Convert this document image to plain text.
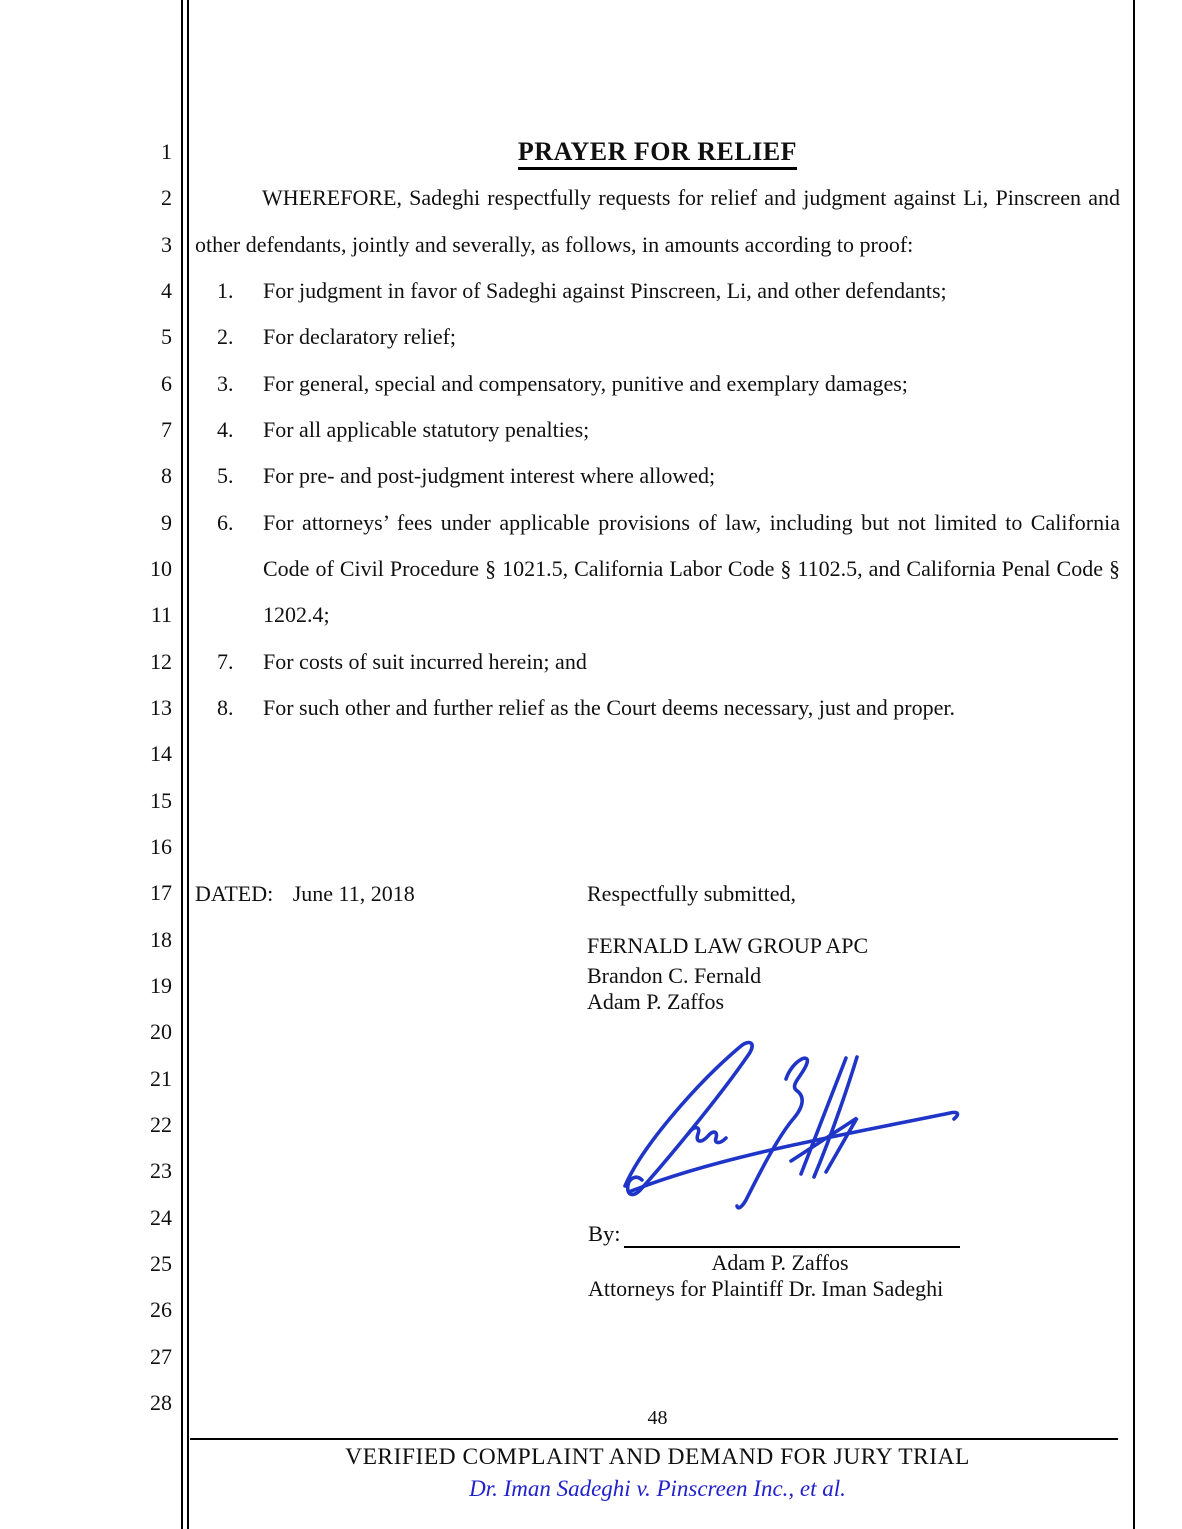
1
2
3
4
5
6
7
8
9
10
11
12
13
14
15
16
17
18
19
20
21
22
23
24
25
26
27
28
PRAYER FOR RELIEF

WHEREFORE, Sadeghi respectfully requests for relief and judgment against Li, Pinscreen and other defendants, jointly and severally, as follows, in amounts according to proof:

1. For judgment in favor of Sadeghi against Pinscreen, Li, and other defendants;
2. For declaratory relief;
3. For general, special and compensatory, punitive and exemplary damages;
4. For all applicable statutory penalties;
5. For pre- and post-judgment interest where allowed;
6. For attorneys’ fees under applicable provisions of law, including but not limited to California Code of Civil Procedure § 1021.5, California Labor Code § 1102.5, and California Penal Code § 1202.4;
7. For costs of suit incurred herein; and
8. For such other and further relief as the Court deems necessary, just and proper.
DATED: June 11, 2018	Respectfully submitted,
FERNALD LAW GROUP APC
Brandon C. Fernald
Adam P. Zaffos
By:
Adam P. Zaffos
Attorneys for Plaintiff Dr. Iman Sadeghi
48
VERIFIED COMPLAINT AND DEMAND FOR JURY TRIAL
Dr. Iman Sadeghi v. Pinscreen Inc., et al.
